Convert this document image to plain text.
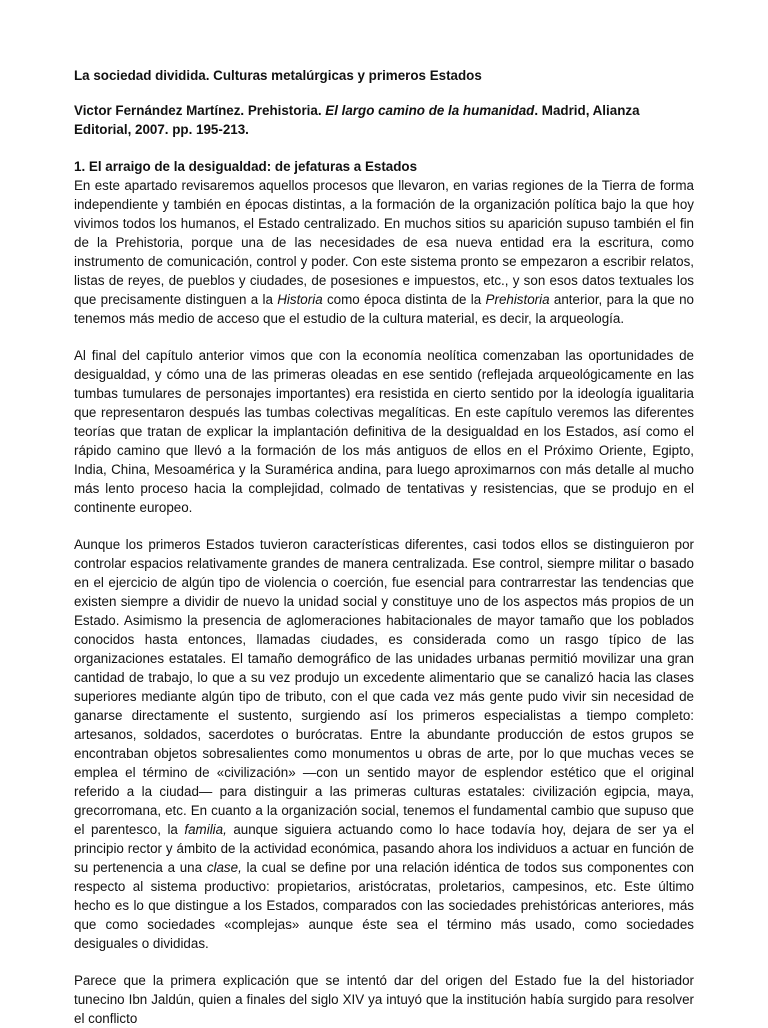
La sociedad dividida. Culturas metalúrgicas y primeros Estados

Victor Fernández Martínez. Prehistoria. El largo camino de la humanidad. Madrid, Alianza Editorial, 2007. pp. 195-213.

1. El arraigo de la desigualdad: de jefaturas a Estados

En este apartado revisaremos aquellos procesos que llevaron, en varias regiones de la Tierra de forma independiente y también en épocas distintas, a la formación de la organización política bajo la que hoy vivimos todos los humanos, el Estado centralizado. En muchos sitios su aparición supuso también el fin de la Prehistoria, porque una de las necesidades de esa nueva entidad era la escritura, como instrumento de comunicación, control y poder. Con este sistema pronto se empezaron a escribir relatos, listas de reyes, de pueblos y ciudades, de posesiones e impuestos, etc., y son esos datos textuales los que precisamente distinguen a la Historia como época distinta de la Prehistoria anterior, para la que no tenemos más medio de acceso que el estudio de la cultura material, es decir, la arqueología.

Al final del capítulo anterior vimos que con la economía neolítica comenzaban las oportunidades de desigualdad, y cómo una de las primeras oleadas en ese sentido (reflejada arqueológicamente en las tumbas tumulares de personajes importantes) era resistida en cierto sentido por la ideología igualitaria que representaron después las tumbas colectivas megalíticas. En este capítulo veremos las diferentes teorías que tratan de explicar la implantación definitiva de la desigualdad en los Estados, así como el rápido camino que llevó a la formación de los más antiguos de ellos en el Próximo Oriente, Egipto, India, China, Mesoamérica y la Suramérica andina, para luego aproximarnos con más detalle al mucho más lento proceso hacia la complejidad, colmado de tentativas y resistencias, que se produjo en el continente europeo.

Aunque los primeros Estados tuvieron características diferentes, casi todos ellos se distinguieron por controlar espacios relativamente grandes de manera centralizada. Ese control, siempre militar o basado en el ejercicio de algún tipo de violencia o coerción, fue esencial para contrarrestar las tendencias que existen siempre a dividir de nuevo la unidad social y constituye uno de los aspectos más propios de un Estado. Asimismo la presencia de aglomeraciones habitacionales de mayor tamaño que los poblados conocidos hasta entonces, llamadas ciudades, es considerada como un rasgo típico de las organizaciones estatales. El tamaño demográfico de las unidades urbanas permitió movilizar una gran cantidad de trabajo, lo que a su vez produjo un excedente alimentario que se canalizó hacia las clases superiores mediante algún tipo de tributo, con el que cada vez más gente pudo vivir sin necesidad de ganarse directamente el sustento, surgiendo así los primeros especialistas a tiempo completo: artesanos, soldados, sacerdotes o burócratas. Entre la abundante producción de estos grupos se encontraban objetos sobresalientes como monumentos u obras de arte, por lo que muchas veces se emplea el término de «civilización» —con un sentido mayor de esplendor estético que el original referido a la ciudad— para distinguir a las primeras culturas estatales: civilización egipcia, maya, grecorromana, etc. En cuanto a la organización social, tenemos el fundamental cambio que supuso que el parentesco, la familia, aunque siguiera actuando como lo hace todavía hoy, dejara de ser ya el principio rector y ámbito de la actividad económica, pasando ahora los individuos a actuar en función de su pertenencia a una clase, la cual se define por una relación idéntica de todos sus componentes con respecto al sistema productivo: propietarios, aristócratas, proletarios, campesinos, etc. Este último hecho es lo que distingue a los Estados, comparados con las sociedades prehistóricas anteriores, más que como sociedades «complejas» aunque éste sea el término más usado, como sociedades desiguales o divididas.

Parece que la primera explicación que se intentó dar del origen del Estado fue la del historiador tunecino Ibn Jaldún, quien a finales del siglo XIV ya intuyó que la institución había surgido para resolver el conflicto
